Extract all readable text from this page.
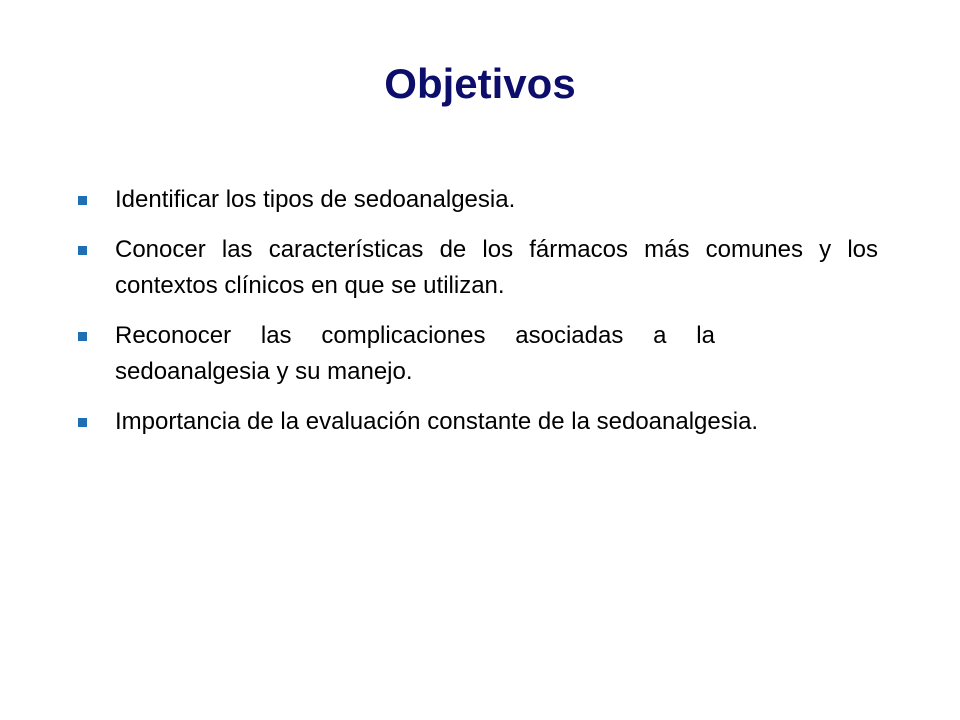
Objetivos
Identificar los tipos de sedoanalgesia.
Conocer las características de los fármacos más comunes y los contextos clínicos en que se utilizan.
Reconocer las complicaciones asociadas a la sedoanalgesia y su manejo.
Importancia de la evaluación constante de la sedoanalgesia.
